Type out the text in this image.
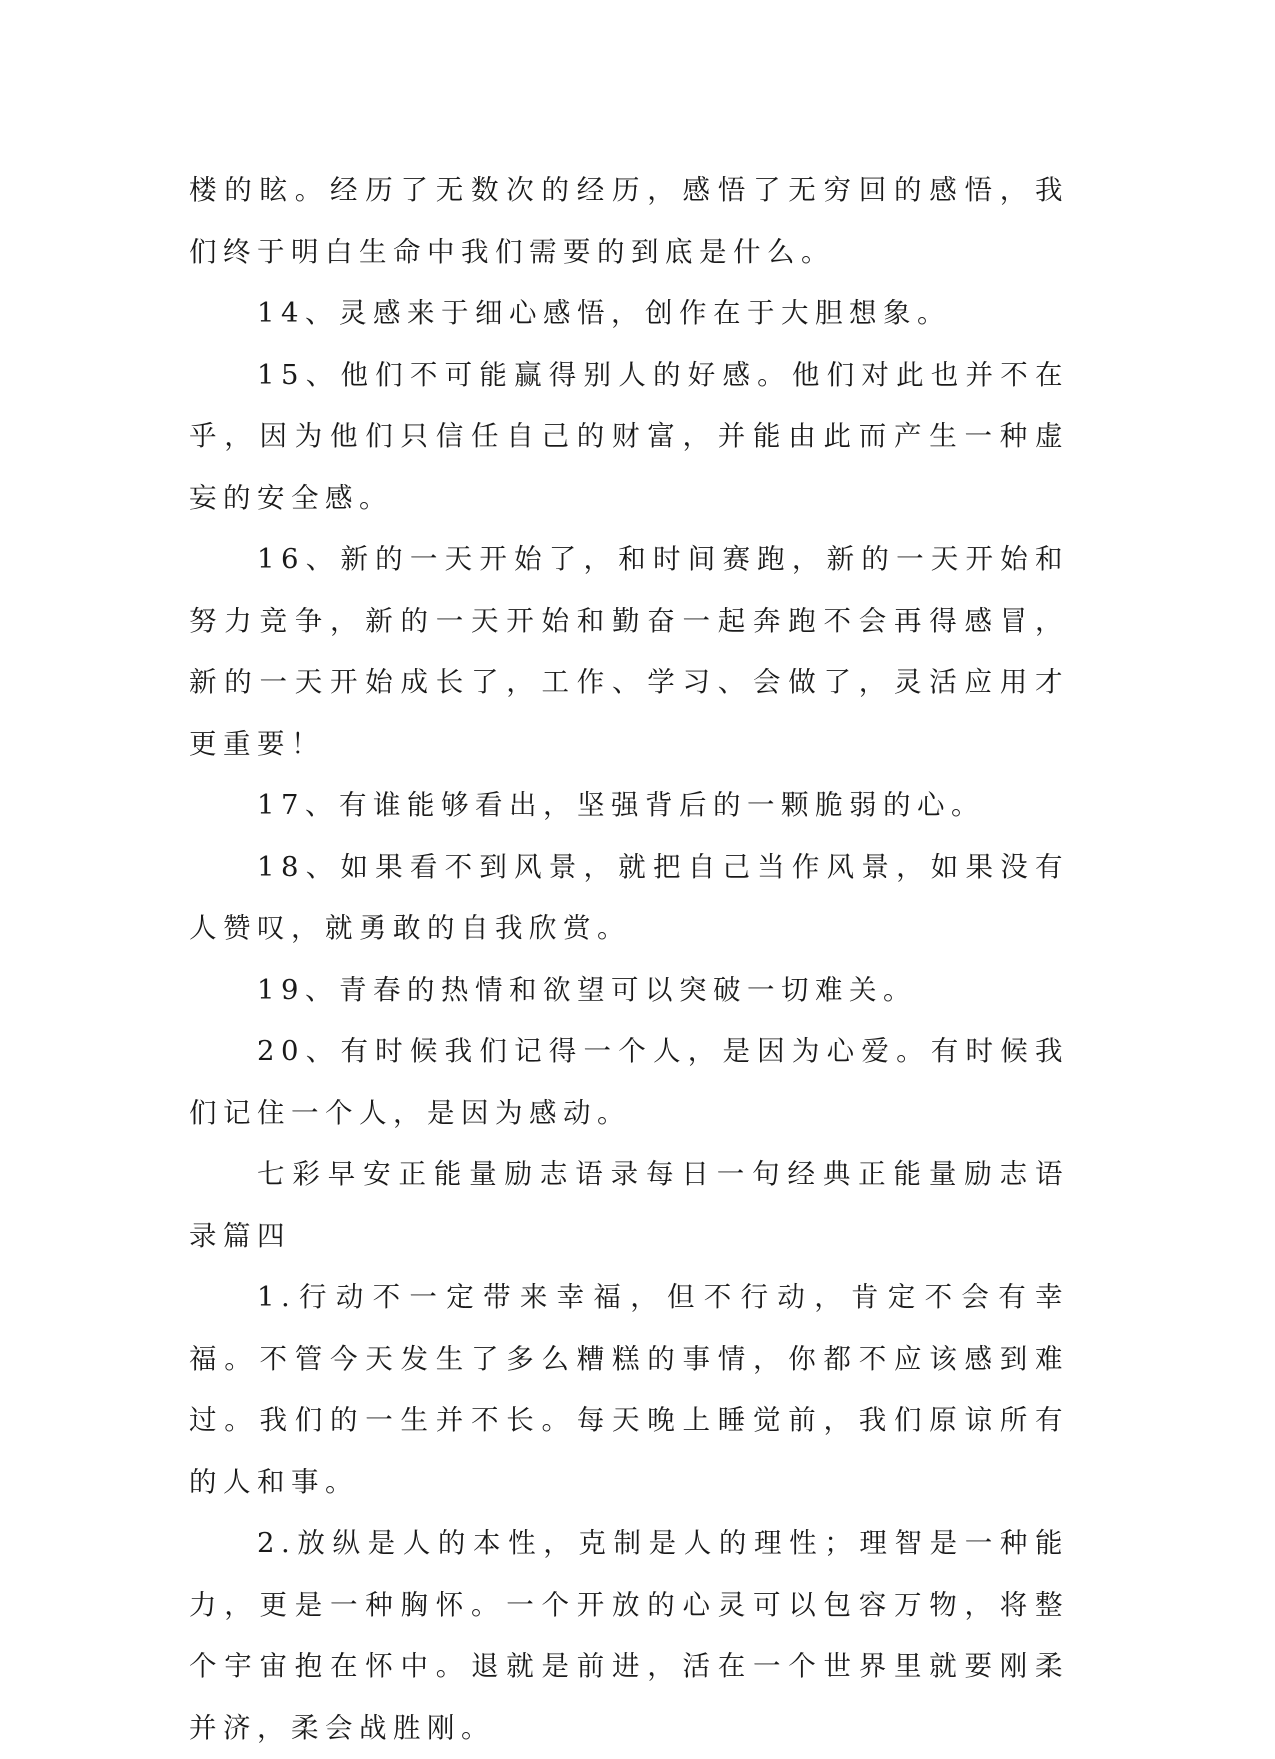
楼的眩。经历了无数次的经历，感悟了无穷回的感悟，我们终于明白生命中我们需要的到底是什么。

14、灵感来于细心感悟，创作在于大胆想象。

15、他们不可能赢得别人的好感。他们对此也并不在乎，因为他们只信任自己的财富，并能由此而产生一种虚妄的安全感。

16、新的一天开始了，和时间赛跑，新的一天开始和努力竞争，新的一天开始和勤奋一起奔跑不会再得感冒，新的一天开始成长了，工作、学习、会做了，灵活应用才更重要！

17、有谁能够看出，坚强背后的一颗脆弱的心。

18、如果看不到风景，就把自己当作风景，如果没有人赞叹，就勇敢的自我欣赏。

19、青春的热情和欲望可以突破一切难关。

20、有时候我们记得一个人，是因为心爱。有时候我们记住一个人，是因为感动。

七彩早安正能量励志语录每日一句经典正能量励志语录篇四

1.行动不一定带来幸福，但不行动，肯定不会有幸福。不管今天发生了多么糟糕的事情，你都不应该感到难过。我们的一生并不长。每天晚上睡觉前，我们原谅所有的人和事。

2.放纵是人的本性，克制是人的理性；理智是一种能力，更是一种胸怀。一个开放的心灵可以包容万物，将整个宇宙抱在怀中。退就是前进，活在一个世界里就要刚柔并济，柔会战胜刚。
